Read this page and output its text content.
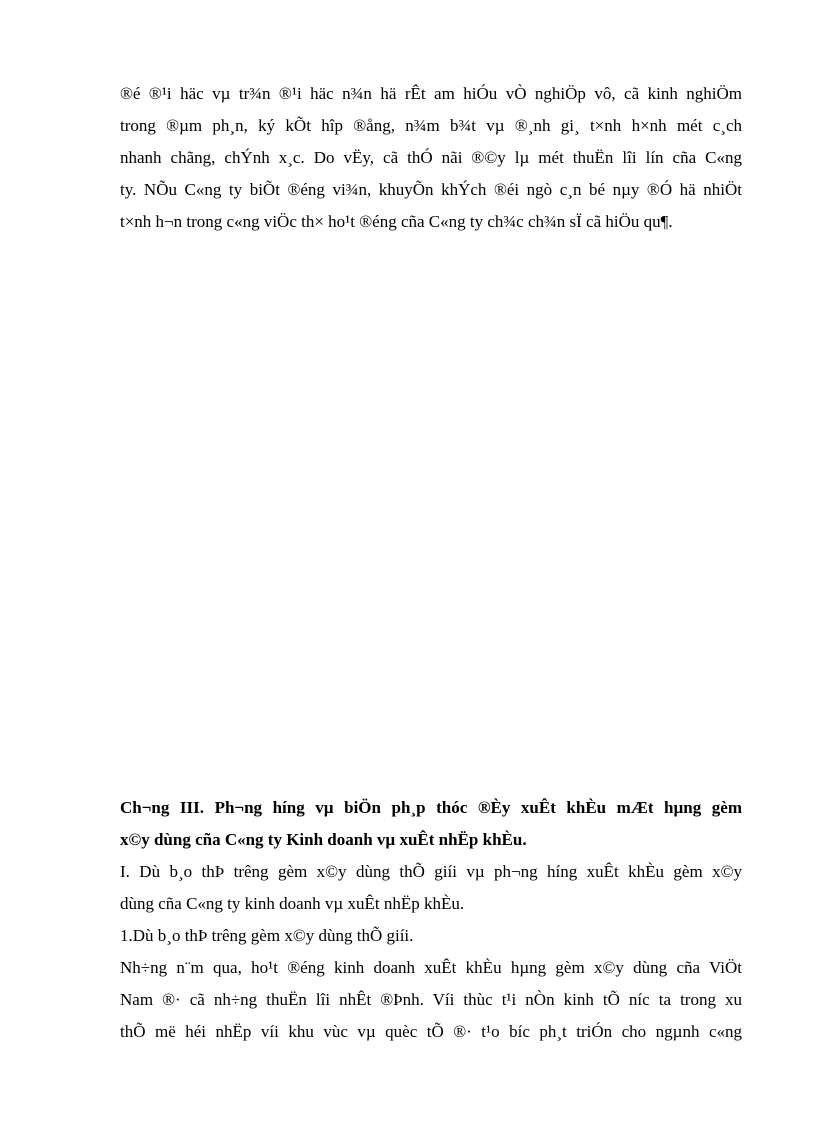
®é ®¹i häc vµ tr¾n ®¹i häc n¾n hä rÊt am hiÓu vÒ nghiÖp vô, cã kinh nghiÖm
trong ®µm ph¸n, ký kÕt hîp ®ång, n¾m b¾t vµ ®¸nh gi¸ t×nh h×nh mét c¸ch
nhanh chãng, chÝnh x¸c. Do vËy, cã thÓ nãi ®©y lµ mét thuËn lîi lín cña C«ng
ty. NÕu C«ng ty biÕt ®éng vi¾n, khuyÕn khÝch ®éi ngò c¸n bé nµy ®Ó hä nhiÖt
t×nh h¬n trong c«ng viÖc th× ho¹t ®éng cña C«ng ty ch¾c ch¾n sÏ cã hiÖu qu¶.
Ch¬ng III. Ph¬ng híng vµ biÖn ph¸p thóc ®Èy xuÊt khÈu mÆt hµng gèm
x©y dùng cña C«ng ty Kinh doanh vµ xuÊt nhËp khÈu.
I. Dù b¸o thÞ trêng gèm x©y dùng thÕ giíi vµ ph¬ng híng xuÊt khÈu gèm x©y
dùng cña C«ng ty kinh doanh vµ xuÊt nhËp khÈu.
1.Dù b¸o thÞ trêng gèm x©y dùng thÕ giíi.
Nh÷ng n¨m qua, ho¹t ®éng kinh doanh xuÊt khÈu hµng gèm x©y dùng cña ViÖt
Nam ®· cã nh÷ng thuËn lîi nhÊt ®Þnh. Víi thùc t¹i nÒn kinh tÕ níc ta trong xu
thÕ më héi nhËp víi khu vùc vµ quèc tÕ ®· t¹o bíc ph¸t triÓn cho ngµnh c«ng
